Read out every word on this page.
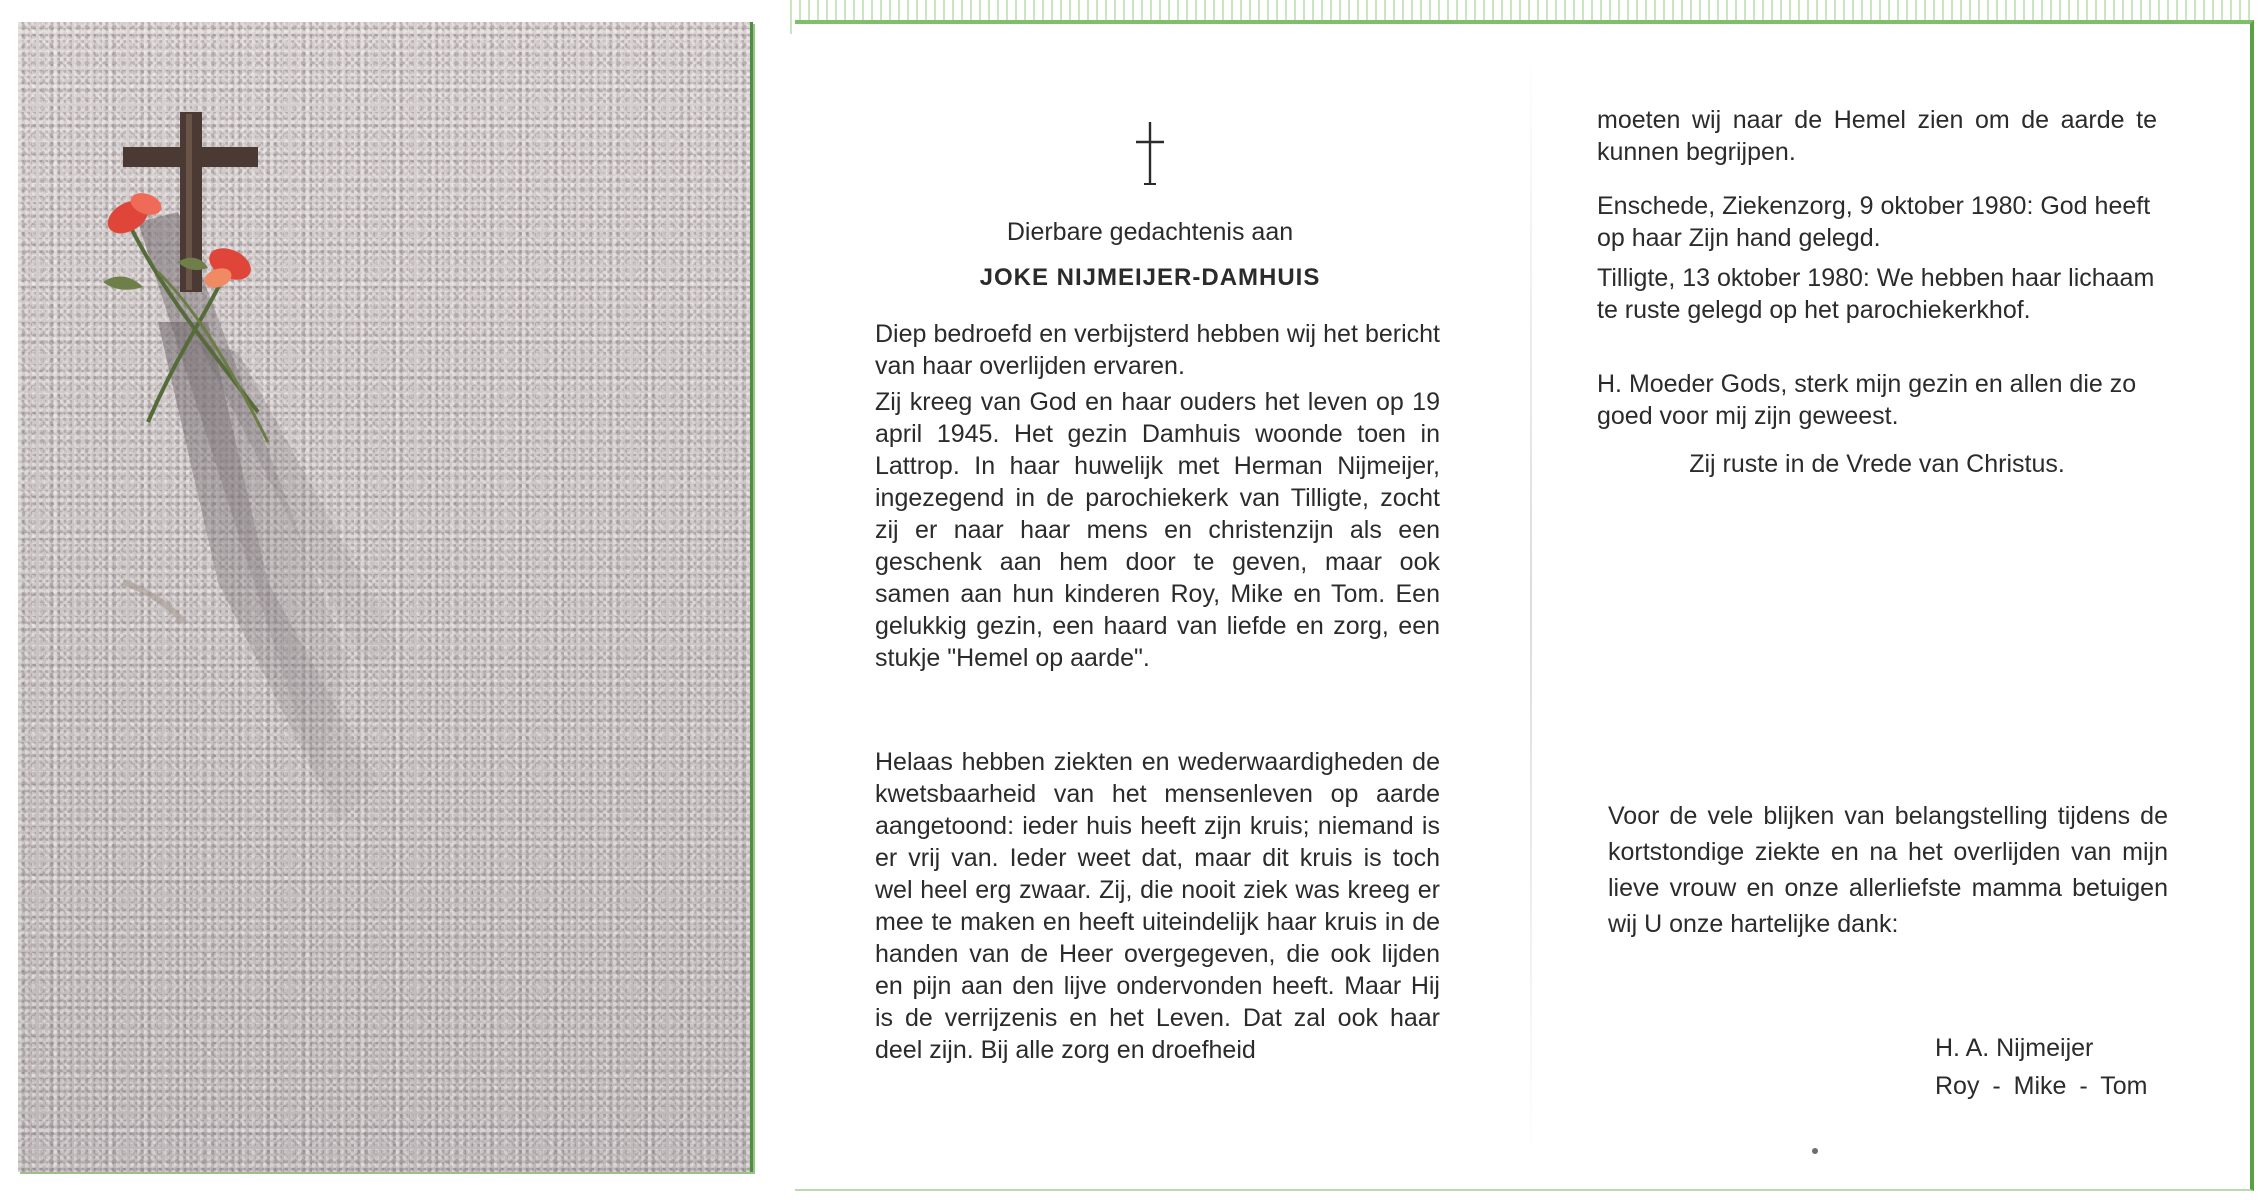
Dierbare gedachtenis aan
JOKE NIJMEIJER-DAMHUIS
Diep bedroefd en verbijsterd hebben wij het bericht van haar overlijden ervaren.
Zij kreeg van God en haar ouders het leven op 19 april 1945. Het gezin Damhuis woonde toen in Lattrop. In haar huwelijk met Herman Nijmeijer, ingezegend in de parochiekerk van Tilligte, zocht zij er naar haar mens en christenzijn als een geschenk aan hem door te geven, maar ook samen aan hun kinderen Roy, Mike en Tom. Een gelukkig gezin, een haard van liefde en zorg, een stukje "Hemel op aarde".
Helaas hebben ziekten en wederwaardigheden de kwetsbaarheid van het mensenleven op aarde aangetoond: ieder huis heeft zijn kruis; niemand is er vrij van. Ieder weet dat, maar dit kruis is toch wel heel erg zwaar. Zij, die nooit ziek was kreeg er mee te maken en heeft uiteindelijk haar kruis in de handen van de Heer overgegeven, die ook lijden en pijn aan den lijve ondervonden heeft. Maar Hij is de verrijzenis en het Leven. Dat zal ook haar deel zijn. Bij alle zorg en droefheid
moeten wij naar de Hemel zien om de aarde te kunnen begrijpen.
Enschede, Ziekenzorg, 9 oktober 1980: God heeft op haar Zijn hand gelegd.
Tilligte, 13 oktober 1980: We hebben haar lichaam te ruste gelegd op het parochiekerkhof.
H. Moeder Gods, sterk mijn gezin en allen die zo goed voor mij zijn geweest.
Zij ruste in de Vrede van Christus.
Voor de vele blijken van belangstelling tijdens de kortstondige ziekte en na het overlijden van mijn lieve vrouw en onze allerliefste mamma betuigen wij U onze hartelijke dank:
H. A. Nijmeijer
Roy - Mike - Tom
